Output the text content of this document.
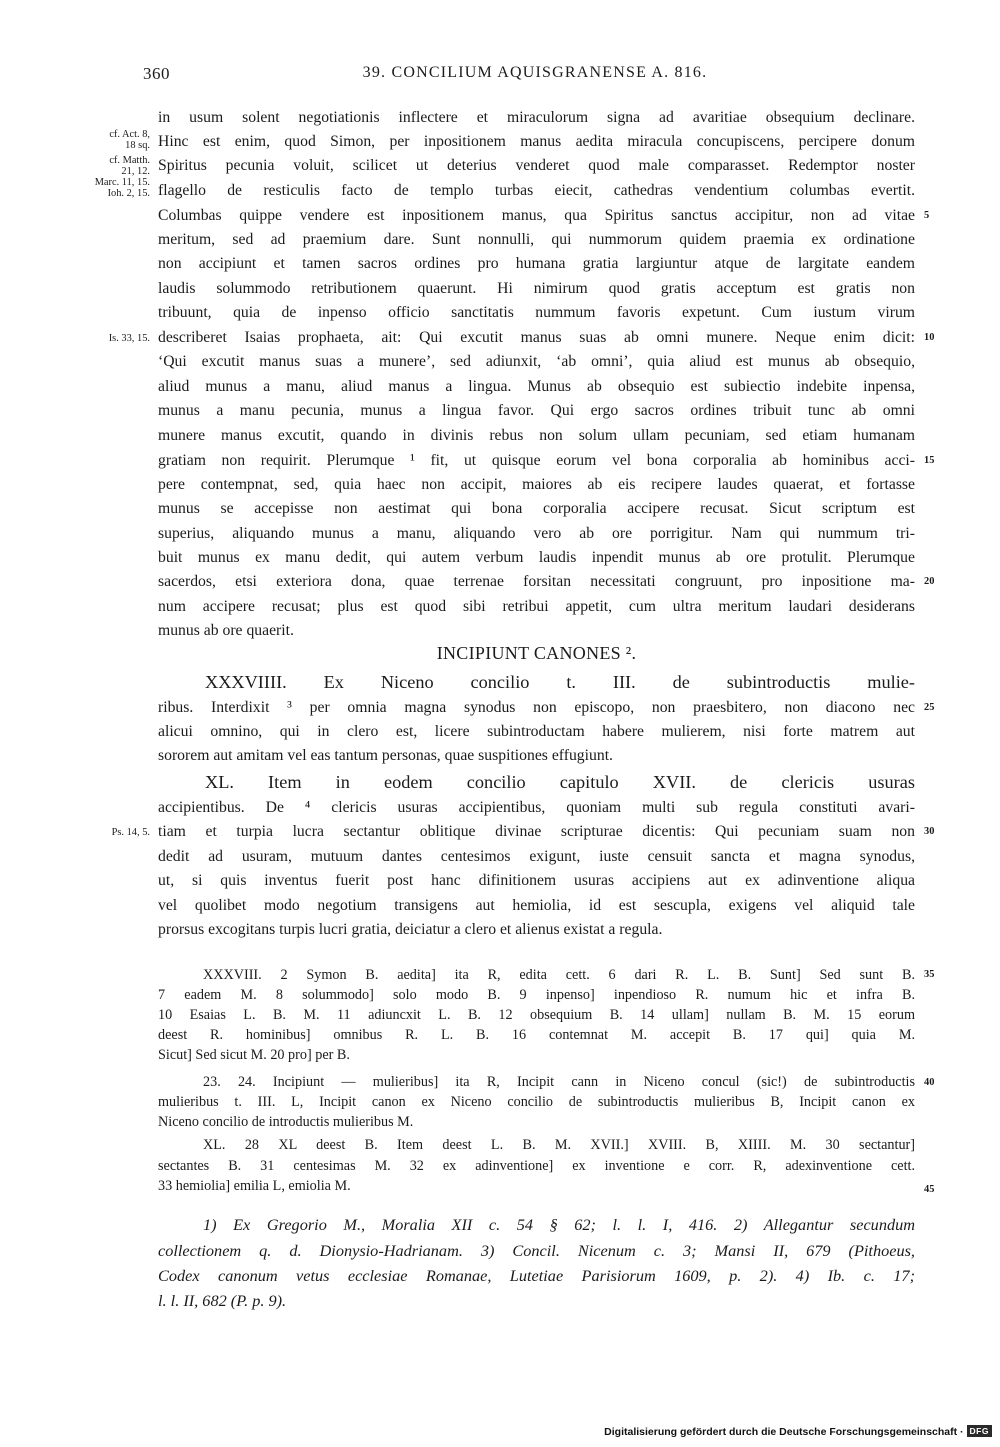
360	39. CONCILIUM AQUISGRANENSE A. 816.
cf. Act. 8,
18 sq.
cf. Matth.
21, 12.
Marc. 11, 15.
Ioh. 2, 15.
Is. 33, 15.
Ps. 14, 5.
5
10
15
20
25
30
35
40
45
in usum solent negotiationis inflectere et miraculorum signa ad avaritiae obsequium declinare.
Hinc est enim, quod Simon, per inpositionem manus aedita miracula concupiscens, percipere donum
Spiritus pecunia voluit, scilicet ut deterius venderet quod male comparasset. Redemptor noster
flagello de resticulis facto de templo turbas eiecit, cathedras vendentium columbas evertit.
Columbas quippe vendere est inpositionem manus, qua Spiritus sanctus accipitur, non ad vitae
meritum, sed ad praemium dare. Sunt nonnulli, qui nummorum quidem praemia ex ordinatione
non accipiunt et tamen sacros ordines pro humana gratia largiuntur atque de largitate eandem
laudis solummodo retributionem quaerunt. Hi nimirum quod gratis acceptum est gratis non
tribuunt, quia de inpenso officio sanctitatis nummum favoris expetunt. Cum iustum virum
describeret Isaias prophaeta, ait: Qui excutit manus suas ab omni munere. Neque enim dicit:
‘Qui excutit manus suas a munere’, sed adiunxit, ‘ab omni’, quia aliud est munus ab obsequio,
aliud munus a manu, aliud manus a lingua. Munus ab obsequio est subiectio indebite inpensa,
munus a manu pecunia, munus a lingua favor. Qui ergo sacros ordines tribuit tunc ab omni
munere manus excutit, quando in divinis rebus non solum ullam pecuniam, sed etiam humanam
gratiam non requirit. Plerumque ¹ fit, ut quisque eorum vel bona corporalia ab hominibus acci-
pere contempnat, sed, quia haec non accipit, maiores ab eis recipere laudes quaerat, et fortasse
munus se accepisse non aestimat qui bona corporalia accipere recusat. Sicut scriptum est
superius, aliquando munus a manu, aliquando vero ab ore porrigitur. Nam qui nummum tri-
buit munus ex manu dedit, qui autem verbum laudis inpendit munus ab ore protulit. Plerumque
sacerdos, etsi exteriora dona, quae terrenae forsitan necessitati congruunt, pro inpositione ma-
num accipere recusat; plus est quod sibi retribui appetit, cum ultra meritum laudari desiderans
munus ab ore quaerit.
INCIPIUNT CANONES ².
XXXVIIII. Ex Niceno concilio t. III. de subintroductis mulie-
ribus. Interdixit ³ per omnia magna synodus non episcopo, non praesbitero, non diacono nec
alicui omnino, qui in clero est, licere subintroductam habere mulierem, nisi forte matrem aut
sororem aut amitam vel eas tantum personas, quae suspitiones effugiunt.
XL. Item in eodem concilio capitulo XVII. de clericis usuras
accipientibus. De ⁴ clericis usuras accipientibus, quoniam multi sub regula constituti avari-
tiam et turpia lucra sectantur oblitique divinae scripturae dicentis: Qui pecuniam suam non
dedit ad usuram, mutuum dantes centesimos exigunt, iuste censuit sancta et magna synodus,
ut, si quis inventus fuerit post hanc difinitionem usuras accipiens aut ex adinventione aliqua
vel quolibet modo negotium transigens aut hemiolia, id est sescupla, exigens vel aliquid tale
prorsus excogitans turpis lucri gratia, deiciatur a clero et alienus existat a regula.
XXXVIII. 2 Symon B. aedita] ita R, edita cett. 6 dari R. L. B. Sunt] Sed sunt B.
7 eadem M. 8 solummodo] solo modo B. 9 inpenso] inpendioso R. numum hic et infra B.
10 Esaias L. B. M. 11 adiuncxit L. B. 12 obsequium B. 14 ullam] nullam B. M. 15 eorum
deest R. hominibus] omnibus R. L. B. 16 contemnat M. accepit B. 17 qui] quia M.
Sicut] Sed sicut M. 20 pro] per B.
23. 24. Incipiunt — mulieribus] ita R, Incipit cann in Niceno concul (sic!) de subintroductis
mulieribus t. III. L, Incipit canon ex Niceno concilio de subintroductis mulieribus B, Incipit canon ex
Niceno concilio de introductis mulieribus M.
XL. 28 XL deest B. Item deest L. B. M. XVII.] XVIII. B, XIIII. M. 30 sectantur]
sectantes B. 31 centesimas M. 32 ex adinventione] ex inventione e corr. R, adexinventione cett.
33 hemiolia] emilia L, emiolia M.
1) Ex Gregorio M., Moralia XII c. 54 § 62; l. l. I, 416. 2) Allegantur secundum
collectionem q. d. Dionysio-Hadrianam. 3) Concil. Nicenum c. 3; Mansi II, 679 (Pithoeus,
Codex canonum vetus ecclesiae Romanae, Lutetiae Parisiorum 1609, p. 2). 4) Ib. c. 17;
l. l. II, 682 (P. p. 9).
Digitalisierung gefördert durch die Deutsche Forschungsgemeinschaft · DFG
